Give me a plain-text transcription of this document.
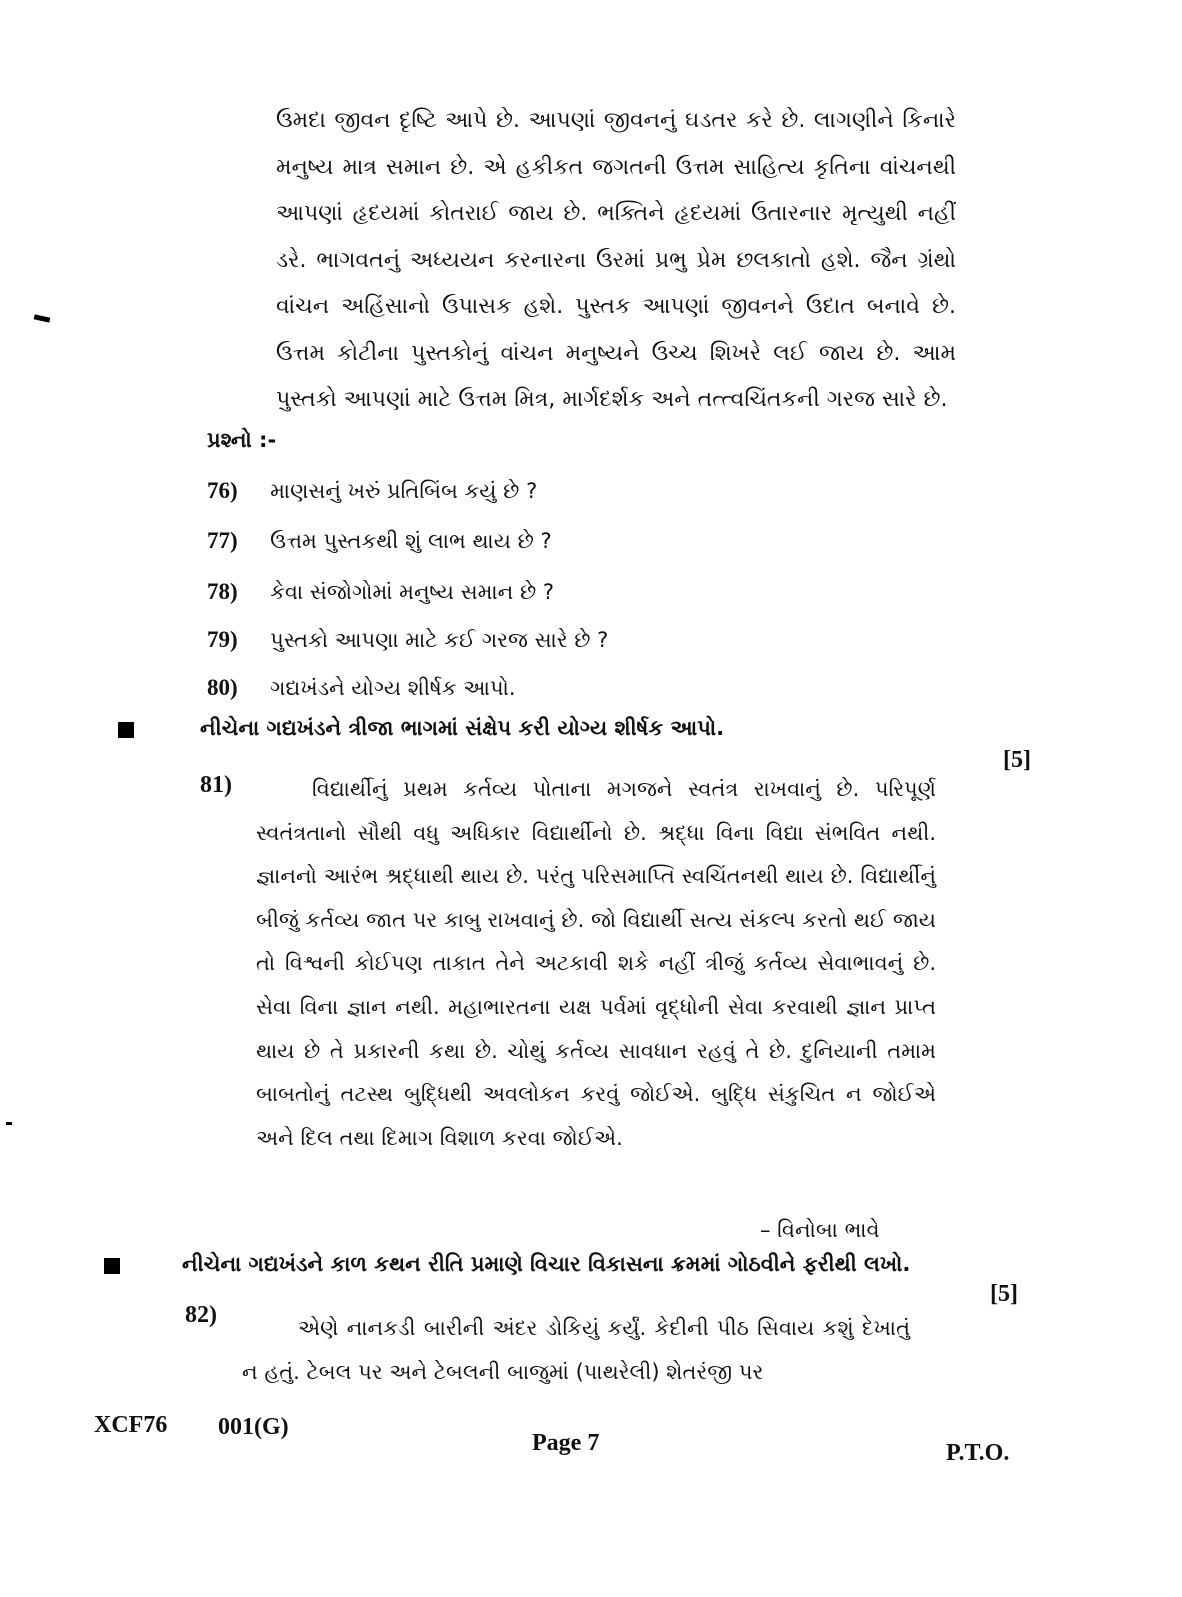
ઉમદા જીવન દૃષ્ટિ આપે છે. આપણાં જીવનનું ઘડતર કરે છે. લાગણીને કિનારે મનુષ્ય માત્ર સમાન છે. એ હકીકત જગતની ઉત્તમ સાહિત્ય કૃતિના વાંચનથી આપણાં હૃદયમાં કોતરાઈ જાય છે. ભક્તિને હૃદયમાં ઉતારનાર મૃત્યુથી નહીં ડરે. ભાગવતનું અધ્યયન કરનારના ઉરમાં પ્રભુ પ્રેમ છલકાતો હશે. જૈન ગ્રંથો વાંચન અહિંસાનો ઉપાસક હશે. પુસ્તક આપણાં જીવનને ઉદાત બનાવે છે. ઉત્તમ કોટીના પુસ્તકોનું વાંચન મનુષ્યને ઉચ્ચ શિખરે લઈ જાય છે. આમ પુસ્તકો આપણાં માટે ઉત્તમ મિત્ર, માર્ગદર્શક અને તત્ત્વચિંતકની ગરજ સારે છે.
પ્રશ્નો :-
76) માણસનું ખરું પ્રતિબિંબ કયું છે ?
77) ઉત્તમ પુસ્તકથી શું લાભ થાય છે ?
78) કેવા સંજોગોમાં મનુષ્ય સમાન છે ?
79) પુસ્તકો આપણા માટે કઈ ગરજ સારે છે ?
80) ગદ્યખંડને યોગ્ય શીર્ષક આપો.
નીચેના ગદ્યખંડને ત્રીજા ભાગમાં સંક્ષેપ કરી યોગ્ય શીર્ષક આપો.
[5]
81)	વિદ્યાર્થીનું પ્રથમ કર્તવ્ય પોતાના મગજને સ્વતંત્ર રાખવાનું છે. પરિપૂર્ણ સ્વતંત્રતાનો સૌથી વધુ અધિકાર વિદ્યાર્થીનો છે. શ્રદ્ધા વિના વિદ્યા સંભવિત નથી. જ્ઞાનનો આરંભ શ્રદ્ધાથી થાય છે. પરંતુ પરિસમાપ્તિ સ્વચિંતનથી થાય છે. વિદ્યાર્થીનું બીજું કર્તવ્ય જાત પર કાબુ રાખવાનું છે. જો વિદ્યાર્થી સત્ય સંકલ્પ કરતો થઈ જાય તો વિશ્વની કોઈપણ તાકાત તેને અટકાવી શકે નહીં ત્રીજું કર્તવ્ય સેવાભાવનું છે. સેવા વિના જ્ઞાન નથી. મહાભારતના યક્ષ પર્વમાં વૃદ્ધોની સેવા કરવાથી જ્ઞાન પ્રાપ્ત થાય છે તે પ્રકારની કથા છે. ચોથું કર્તવ્ય સાવધાન રહવું તે છે. દુનિયાની તમામ બાબતોનું તટસ્થ બુદ્ધિથી અવલોકન કરવું જોઈએ. બુદ્ધિ સંકુચિત ન જોઈએ અને દિલ તથા દિમાગ વિશાળ કરવા જોઈએ.
– વિનોબા ભાવે
નીચેના ગદ્યખંડને કાળ કથન રીતિ પ્રમાણે વિચાર વિકાસના ક્રમમાં ગોઠવીને ફરીથી લખો.
[5]
82)	એણે નાનકડી બારીની અંદર ડોકિયું કર્યું. કેદીની પીઠ સિવાય કશું દેખાતું ન હતું. ટેબલ પર અને ટેબલની બાજુમાં (પાથરેલી) શેતરંજી પર
XCF76 001(G)
Page 7	P.T.O.
